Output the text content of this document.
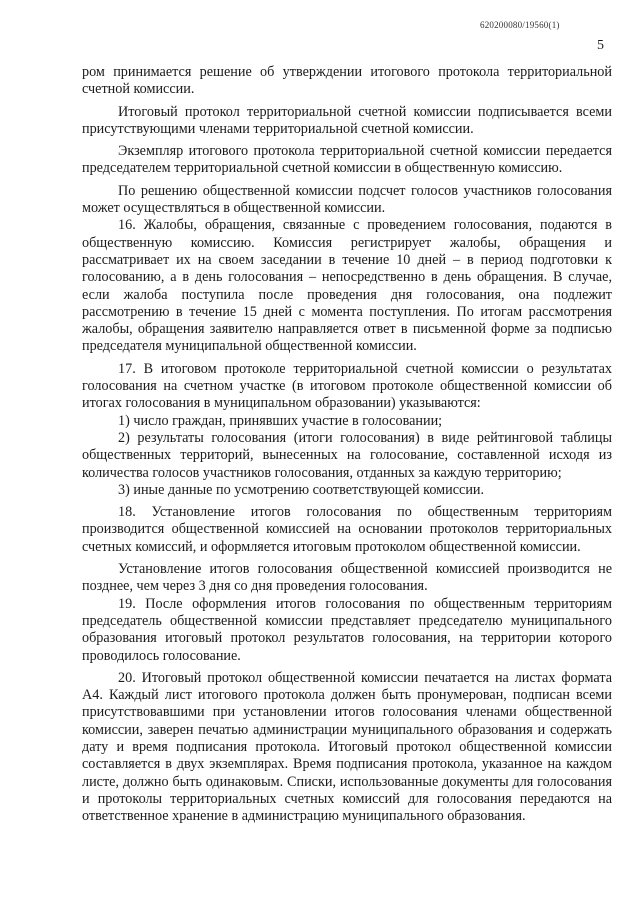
620200080/19560(1)
5

ром принимается решение об утверждении итогового протокола территориальной счетной комиссии.

Итоговый протокол территориальной счетной комиссии подписывается всеми присутствующими членами территориальной счетной комиссии.

Экземпляр итогового протокола территориальной счетной комиссии передается председателем территориальной счетной комиссии в общественную комиссию.

По решению общественной комиссии подсчет голосов участников голосования может осуществляться в общественной комиссии.

16. Жалобы, обращения, связанные с проведением голосования, подаются в общественную комиссию. Комиссия регистрирует жалобы, обращения и рассматривает их на своем заседании в течение 10 дней – в период подготовки к голосованию, а в день голосования – непосредственно в день обращения. В случае, если жалоба поступила после проведения дня голосования, она подлежит рассмотрению в течение 15 дней с момента поступления. По итогам рассмотрения жалобы, обращения заявителю направляется ответ в письменной форме за подписью председателя муниципальной общественной комиссии.

17. В итоговом протоколе территориальной счетной комиссии о результатах голосования на счетном участке (в итоговом протоколе общественной комиссии об итогах голосования в муниципальном образовании) указываются:

1) число граждан, принявших участие в голосовании;

2) результаты голосования (итоги голосования) в виде рейтинговой таблицы общественных территорий, вынесенных на голосование, составленной исходя из количества голосов участников голосования, отданных за каждую территорию;

3) иные данные по усмотрению соответствующей комиссии.

18. Установление итогов голосования по общественным территориям производится общественной комиссией на основании протоколов территориальных счетных комиссий, и оформляется итоговым протоколом общественной комиссии.

Установление итогов голосования общественной комиссией производится не позднее, чем через 3 дня со дня проведения голосования.

19. После оформления итогов голосования по общественным территориям председатель общественной комиссии представляет председателю муниципального образования итоговый протокол результатов голосования, на территории которого проводилось голосование.

20. Итоговый протокол общественной комиссии печатается на листах формата А4. Каждый лист итогового протокола должен быть пронумерован, подписан всеми присутствовавшими при установлении итогов голосования членами общественной комиссии, заверен печатью администрации муниципального образования и содержать дату и время подписания протокола. Итоговый протокол общественной комиссии составляется в двух экземплярах. Время подписания протокола, указанное на каждом листе, должно быть одинаковым. Списки, использованные документы для голосования и протоколы территориальных счетных комиссий для голосования передаются на ответственное хранение в администрацию муниципального образования.
